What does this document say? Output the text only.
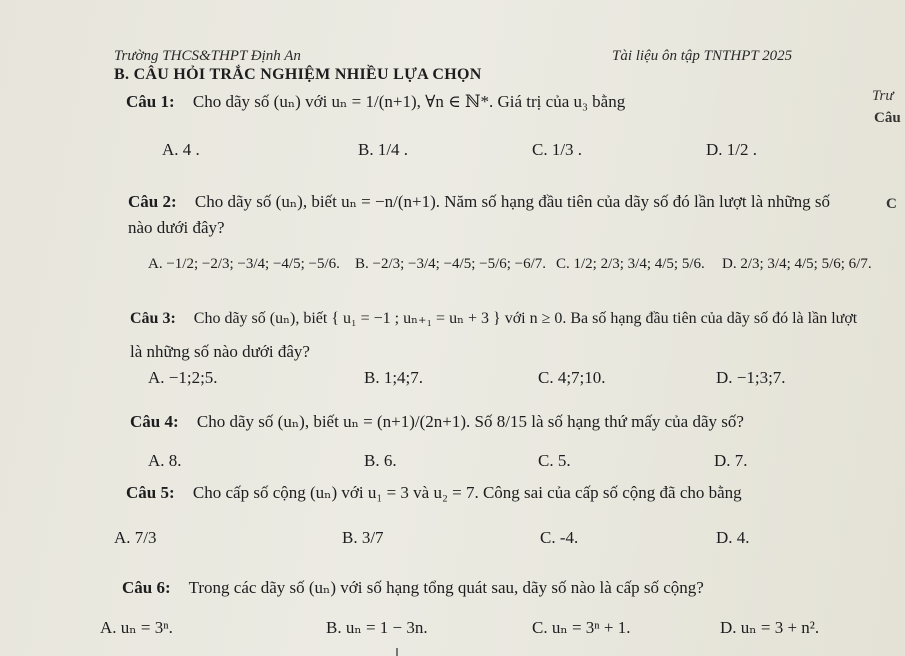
Trường THCS&THPT Định An	Tài liệu ôn tập TNTHPT 2025
B. CÂU HỎI TRẮC NGHIỆM NHIỀU LỰA CHỌN
Trư
Câu
C
Câu 1: Cho dãy số (uₙ) với uₙ = 1/(n+1), ∀n ∈ ℕ*. Giá trị của u₃ bằng
A. 4 .	B. 1/4 .	C. 1/3 .	D. 1/2 .
Câu 2: Cho dãy số (uₙ), biết uₙ = −n/(n+1). Năm số hạng đầu tiên của dãy số đó lần lượt là những số
nào dưới đây?
A. −1/2; −2/3; −3/4; −4/5; −5/6. B. −2/3; −3/4; −4/5; −5/6; −6/7. C. 1/2; 2/3; 3/4; 4/5; 5/6. D. 2/3; 3/4; 4/5; 5/6; 6/7.
Câu 3: Cho dãy số (uₙ), biết { u₁ = −1 ; uₙ₊₁ = uₙ + 3 } với n ≥ 0. Ba số hạng đầu tiên của dãy số đó là lần lượt
là những số nào dưới đây?
A. −1;2;5.	B. 1;4;7.	C. 4;7;10.	D. −1;3;7.
Câu 4: Cho dãy số (uₙ), biết uₙ = (n+1)/(2n+1). Số 8/15 là số hạng thứ mấy của dãy số?
A. 8.	B. 6.	C. 5.	D. 7.
Câu 5: Cho cấp số cộng (uₙ) với u₁ = 3 và u₂ = 7. Công sai của cấp số cộng đã cho bằng
A. 7/3	B. 3/7	C. -4.	D. 4.
Câu 6: Trong các dãy số (uₙ) với số hạng tổng quát sau, dãy số nào là cấp số cộng?
A. uₙ = 3ⁿ.	B. uₙ = 1 − 3n.	C. uₙ = 3ⁿ + 1.	D. uₙ = 3 + n².
